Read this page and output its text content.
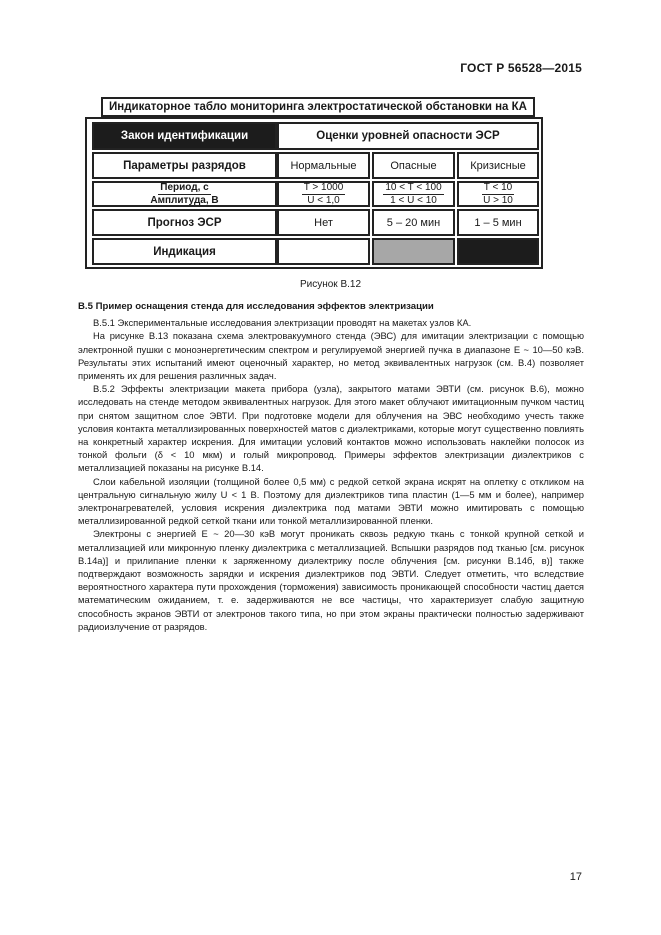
ГОСТ Р 56528—2015
Индикаторное табло мониторинга электростатической обстановки на КА
Закон идентификации	Оценки уровней опасности ЭСР
Параметры разрядов	Нормальные	Опасные	Кризисные
$\frac{\text{Период, с}}{\text{Амплитуда, В}}$	$\frac{T > 1000}{U < 1,0}$	$\frac{10 < T < 100}{1 < U < 10}$	$\frac{T < 10}{U > 10}$
Прогноз ЭСР	Нет	5 – 20 мин	1 – 5 мин
Индикация
Рисунок В.12
В.5 Пример оснащения стенда для исследования эффектов электризации

В.5.1 Экспериментальные исследования электризации проводят на макетах узлов КА.

На рисунке В.13 показана схема электровакуумного стенда (ЭВС) для имитации электризации с помощью электронной пушки с моноэнергетическим спектром и регулируемой энергией пучка в диапазоне E ~ 10—50 кэВ. Результаты этих испытаний имеют оценочный характер, но метод эквивалентных нагрузок (см. В.4) позволяет применять их для решения различных задач.

В.5.2 Эффекты электризации макета прибора (узла), закрытого матами ЭВТИ (см. рисунок В.6), можно исследовать на стенде методом эквивалентных нагрузок. Для этого макет облучают имитационным пучком частиц при снятом защитном слое ЭВТИ. При подготовке модели для облучения на ЭВС необходимо учесть также условия контакта металлизированных поверхностей матов с диэлектриками, которые могут существенно повлиять на конкретный характер искрения. Для имитации условий контактов можно использовать наклейки полосок из тонкой фольги (δ < 10 мкм) и голый микропровод. Примеры эффектов электризации диэлектриков с металлизацией показаны на рисунке В.14.

Слои кабельной изоляции (толщиной более 0,5 мм) с редкой сеткой экрана искрят на оплетку с откликом на центральную сигнальную жилу U < 1 В. Поэтому для диэлектриков типа пластин (1—5 мм и более), например электронагревателей, условия искрения диэлектрика под матами ЭВТИ можно имитировать с помощью металлизированной редкой сеткой ткани или тонкой металлизированной пленки.

Электроны с энергией E ~ 20—30 кэВ могут проникать сквозь редкую ткань с тонкой крупной сеткой и металлизацией или микронную пленку диэлектрика с металлизацией. Вспышки разрядов под тканью [см. рисунок В.14а)] и прилипание пленки к заряженному диэлектрику после облучения [см. рисунки В.14б, в)] также подтверждают возможность зарядки и искрения диэлектриков под ЭВТИ. Следует отметить, что вследствие вероятностного характера пути прохождения (торможения) зависимость проникающей способности частиц дается математическим ожиданием, т. е. задерживаются не все частицы, что характеризует слабую защитную способность экранов ЭВТИ от электронов такого типа, но при этом экраны практически полностью задерживают радиоизлучение от разрядов.

17
